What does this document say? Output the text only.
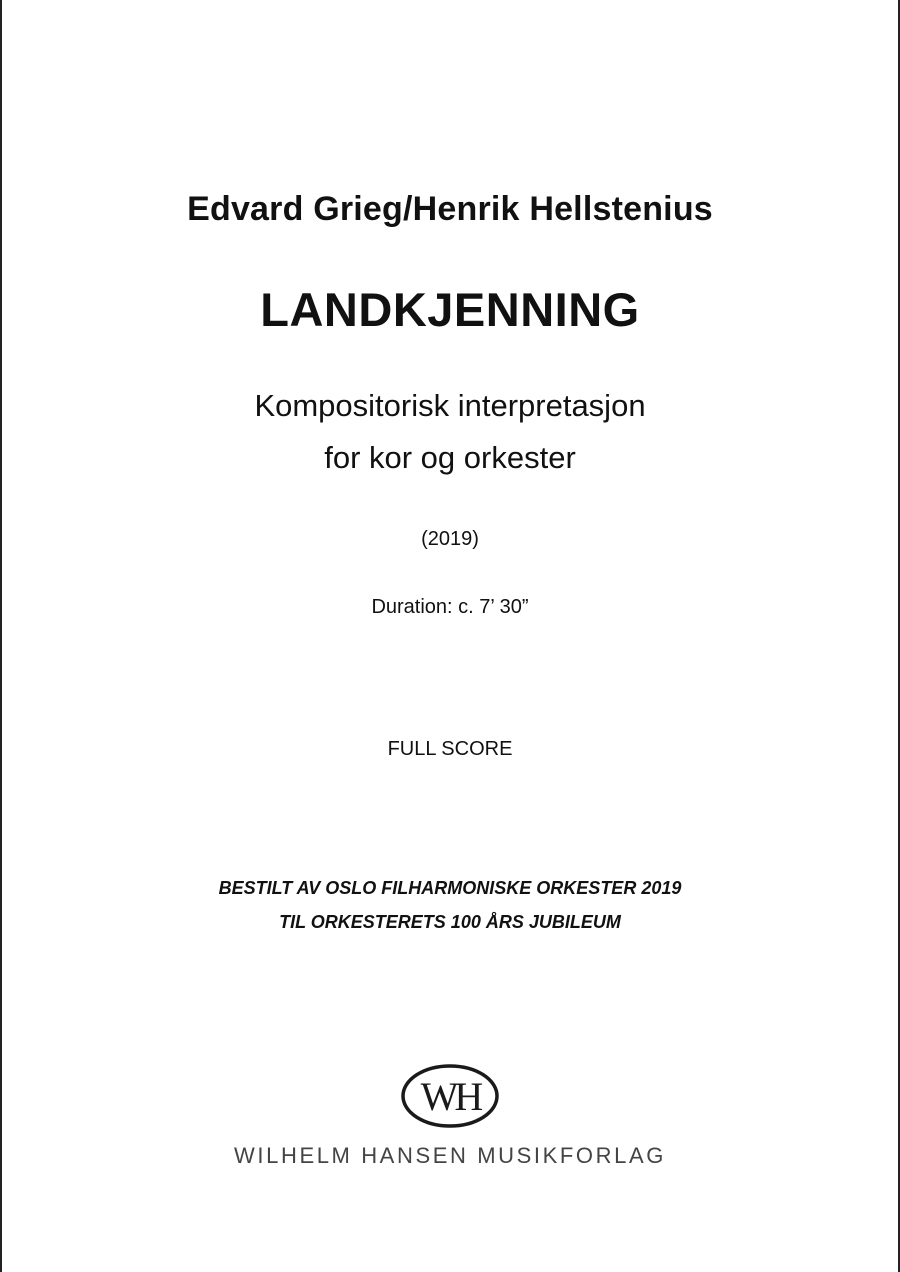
Edvard Grieg/Henrik Hellstenius
LANDKJENNING
Kompositorisk interpretasjon
for kor og orkester
(2019)
Duration: c. 7’ 30”
FULL SCORE
BESTILT AV OSLO FILHARMONISKE ORKESTER 2019
TIL ORKESTERETS 100 ÅRS JUBILEUM
WH
WILHELM HANSEN MUSIKFORLAG
